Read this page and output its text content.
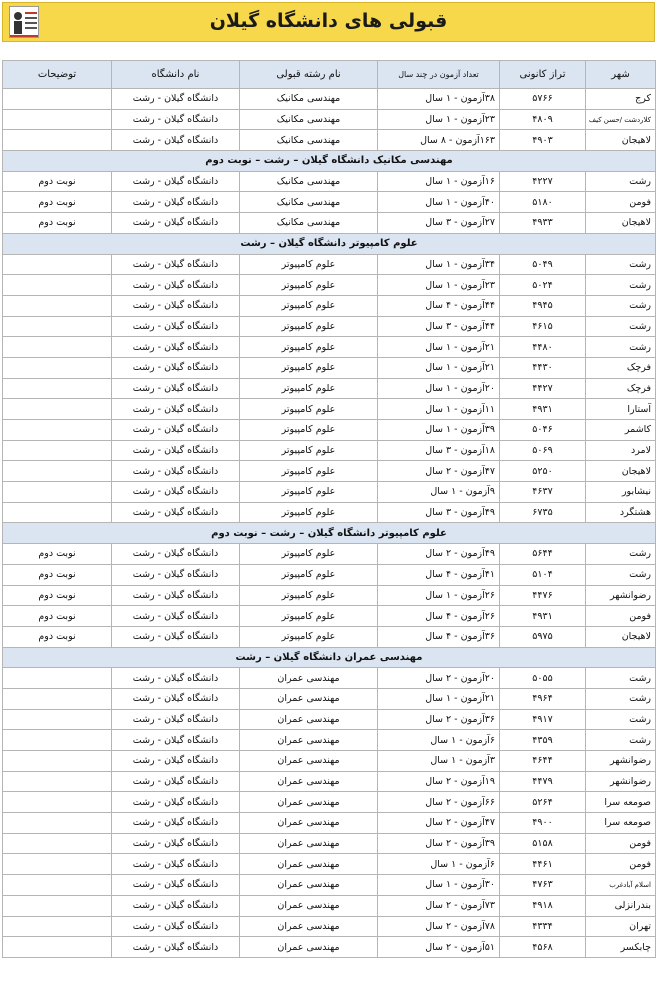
قبولی های دانشگاه گیلان
شهر	تراز کانونی	تعداد آزمون در چند سال	نام رشته قبولی	نام دانشگاه	توضیحات
کرج	۵۷۶۶	۳۸آزمون - ۱ سال	مهندسی مکانیک	دانشگاه گیلان - رشت	
کلاردشت /حسن کیف	۴۸۰۹	۲۳آزمون - ۱ سال	مهندسی مکانیک	دانشگاه گیلان - رشت	
لاهیجان	۴۹۰۳	۱۶۳آزمون - ۸ سال	مهندسی مکانیک	دانشگاه گیلان - رشت	
مهندسی مکانیک دانشگاه گیلان – رشت – نوبت دوم					
رشت	۴۲۲۷	۱۶آزمون - ۱ سال	مهندسی مکانیک	دانشگاه گیلان - رشت	نوبت دوم
فومن	۵۱۸۰	۴۰آزمون - ۱ سال	مهندسی مکانیک	دانشگاه گیلان - رشت	نوبت دوم
لاهیجان	۴۹۳۳	۲۷آزمون - ۳ سال	مهندسی مکانیک	دانشگاه گیلان - رشت	نوبت دوم
علوم کامپیوتر دانشگاه گیلان – رشت					
رشت	۵۰۴۹	۳۴آزمون - ۱ سال	علوم کامپیوتر	دانشگاه گیلان - رشت	
رشت	۵۰۲۴	۲۳آزمون - ۱ سال	علوم کامپیوتر	دانشگاه گیلان - رشت	
رشت	۴۹۴۵	۴۴آزمون - ۴ سال	علوم کامپیوتر	دانشگاه گیلان - رشت	
رشت	۴۶۱۵	۴۴آزمون - ۳ سال	علوم کامپیوتر	دانشگاه گیلان - رشت	
رشت	۴۴۸۰	۲۱آزمون - ۱ سال	علوم کامپیوتر	دانشگاه گیلان - رشت	
فرچک	۴۴۳۰	۲۱آزمون - ۱ سال	علوم کامپیوتر	دانشگاه گیلان - رشت	
فرچک	۴۴۲۷	۲۰آزمون - ۱ سال	علوم کامپیوتر	دانشگاه گیلان - رشت	
آستارا	۴۹۳۱	۱۱آزمون - ۱ سال	علوم کامپیوتر	دانشگاه گیلان - رشت	
کاشمر	۵۰۴۶	۳۹آزمون - ۱ سال	علوم کامپیوتر	دانشگاه گیلان - رشت	
لامرد	۵۰۶۹	۱۸آزمون - ۳ سال	علوم کامپیوتر	دانشگاه گیلان - رشت	
لاهیجان	۵۲۵۰	۴۷آزمون - ۲ سال	علوم کامپیوتر	دانشگاه گیلان - رشت	
نیشابور	۴۶۳۷	۹آزمون - ۱ سال	علوم کامپیوتر	دانشگاه گیلان - رشت	
هشتگرد	۶۷۳۵	۴۹آزمون - ۳ سال	علوم کامپیوتر	دانشگاه گیلان - رشت	
علوم کامپیوتر دانشگاه گیلان – رشت – نوبت دوم					
رشت	۵۶۴۴	۴۹آزمون - ۲ سال	علوم کامپیوتر	دانشگاه گیلان - رشت	نوبت دوم
رشت	۵۱۰۴	۴۱آزمون - ۴ سال	علوم کامپیوتر	دانشگاه گیلان - رشت	نوبت دوم
رضوانشهر	۴۴۷۶	۲۶آزمون - ۱ سال	علوم کامپیوتر	دانشگاه گیلان - رشت	نوبت دوم
فومن	۴۹۳۱	۲۶آزمون - ۴ سال	علوم کامپیوتر	دانشگاه گیلان - رشت	نوبت دوم
لاهیجان	۵۹۷۵	۳۶آزمون - ۴ سال	علوم کامپیوتر	دانشگاه گیلان - رشت	نوبت دوم
مهندسی عمران دانشگاه گیلان – رشت					
رشت	۵۰۵۵	۲۰آزمون - ۲ سال	مهندسی عمران	دانشگاه گیلان - رشت	
رشت	۴۹۶۴	۲۱آزمون - ۱ سال	مهندسی عمران	دانشگاه گیلان - رشت	
رشت	۴۹۱۷	۳۶آزمون - ۲ سال	مهندسی عمران	دانشگاه گیلان - رشت	
رشت	۴۳۵۹	۶آزمون - ۱ سال	مهندسی عمران	دانشگاه گیلان - رشت	
رضوانشهر	۴۶۴۴	۳آزمون - ۱ سال	مهندسی عمران	دانشگاه گیلان - رشت	
رضوانشهر	۴۴۷۹	۱۹آزمون - ۲ سال	مهندسی عمران	دانشگاه گیلان - رشت	
صومعه سرا	۵۲۶۴	۶۶آزمون - ۲ سال	مهندسی عمران	دانشگاه گیلان - رشت	
صومعه سرا	۴۹۰۰	۴۷آزمون - ۲ سال	مهندسی عمران	دانشگاه گیلان - رشت	
فومن	۵۱۵۸	۳۹آزمون - ۲ سال	مهندسی عمران	دانشگاه گیلان - رشت	
فومن	۴۴۶۱	۶آزمون - ۱ سال	مهندسی عمران	دانشگاه گیلان - رشت	
اسلام آبادغرب	۴۷۶۳	۳۰آزمون - ۱ سال	مهندسی عمران	دانشگاه گیلان - رشت	
بندرانزلی	۴۹۱۸	۷۳آزمون - ۲ سال	مهندسی عمران	دانشگاه گیلان - رشت	
تهران	۴۳۳۴	۷۸آزمون - ۲ سال	مهندسی عمران	دانشگاه گیلان - رشت	
چابکسر	۴۵۶۸	۵۱آزمون - ۲ سال	مهندسی عمران	دانشگاه گیلان - رشت	
